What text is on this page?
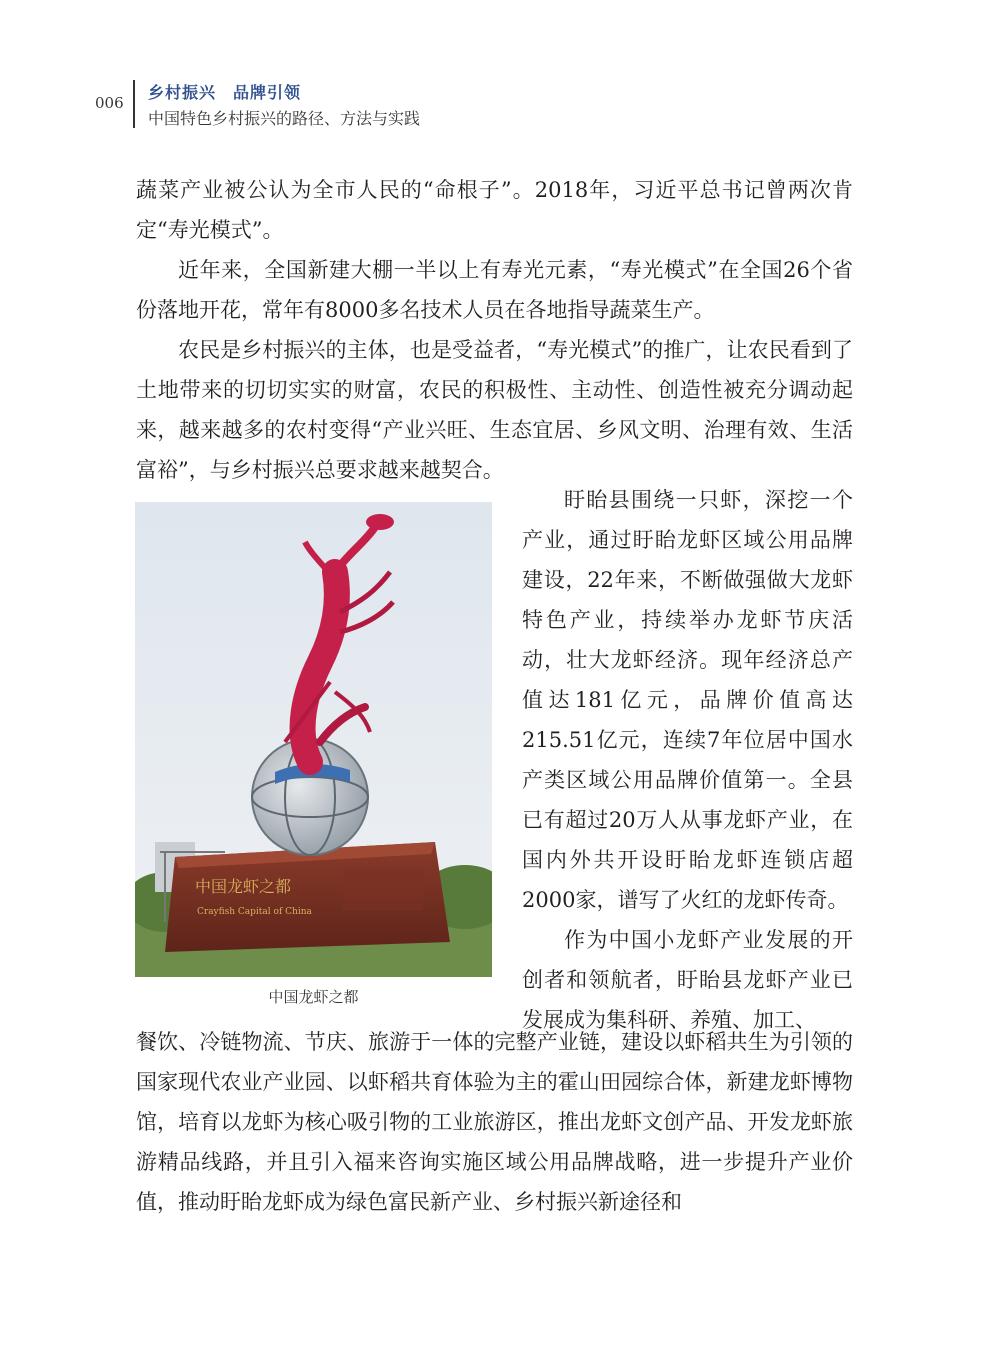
006
乡村振兴　品牌引领
中国特色乡村振兴的路径、方法与实践

蔬菜产业被公认为全市人民的“命根子”。2018年，习近平总书记曾两次肯定“寿光模式”。

近年来，全国新建大棚一半以上有寿光元素，“寿光模式”在全国26个省份落地开花，常年有8000多名技术人员在各地指导蔬菜生产。

农民是乡村振兴的主体，也是受益者，“寿光模式”的推广，让农民看到了土地带来的切切实实的财富，农民的积极性、主动性、创造性被充分调动起来，越来越多的农村变得“产业兴旺、生态宜居、乡风文明、治理有效、生活富裕”，与乡村振兴总要求越来越契合。

中国龙虾之都
Crayfish Capital of China
中国龙虾之都

盱眙县围绕一只虾，深挖一个产业，通过盱眙龙虾区域公用品牌建设，22年来，不断做强做大龙虾特色产业，持续举办龙虾节庆活动，壮大龙虾经济。现年经济总产值达181亿元，品牌价值高达215.51亿元，连续7年位居中国水产类区域公用品牌价值第一。全县已有超过20万人从事龙虾产业，在国内外共开设盱眙龙虾连锁店超2000家，谱写了火红的龙虾传奇。

作为中国小龙虾产业发展的开创者和领航者，盱眙县龙虾产业已发展成为集科研、养殖、加工、

餐饮、冷链物流、节庆、旅游于一体的完整产业链，建设以虾稻共生为引领的国家现代农业产业园、以虾稻共育体验为主的霍山田园综合体，新建龙虾博物馆，培育以龙虾为核心吸引物的工业旅游区，推出龙虾文创产品、开发龙虾旅游精品线路，并且引入福来咨询实施区域公用品牌战略，进一步提升产业价值，推动盱眙龙虾成为绿色富民新产业、乡村振兴新途径和
